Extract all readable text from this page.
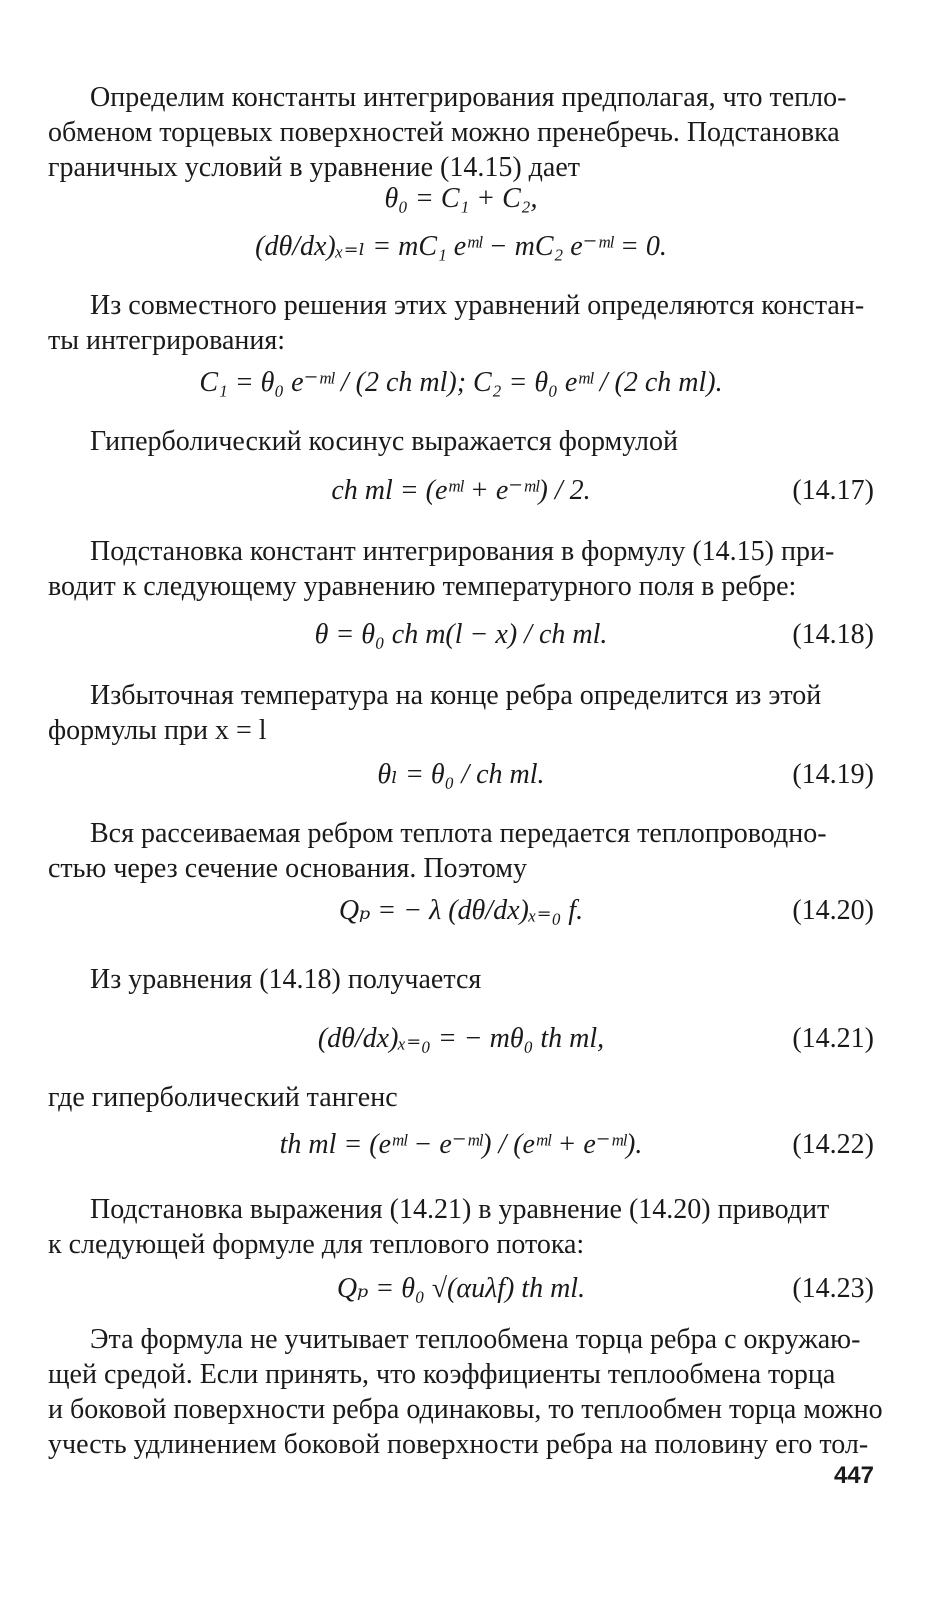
Определим константы интегрирования предполагая, что тепло-
обменом торцевых поверхностей можно пренебречь. Подстановка
граничных условий в уравнение (14.15) дает
θ₀ = C₁ + C₂,
(dθ/dx)ₓ₌ₗ = mC₁ eᵐˡ − mC₂ e⁻ᵐˡ = 0.
Из совместного решения этих уравнений определяются констан-
ты интегрирования:
C₁ = θ₀ e⁻ᵐˡ / (2 ch ml); C₂ = θ₀ eᵐˡ / (2 ch ml).
Гиперболический косинус выражается формулой
ch ml = (eᵐˡ + e⁻ᵐˡ) / 2.	(14.17)
Подстановка констант интегрирования в формулу (14.15) при-
водит к следующему уравнению температурного поля в ребре:
θ = θ₀ ch m(l − x) / ch ml.	(14.18)
Избыточная температура на конце ребра определится из этой
формулы при x = l
θₗ = θ₀ / ch ml.	(14.19)
Вся рассеиваемая ребром теплота передается теплопроводно-
стью через сечение основания. Поэтому
Qₚ = − λ (dθ/dx)ₓ₌₀ f.	(14.20)
Из уравнения (14.18) получается
(dθ/dx)ₓ₌₀ = − mθ₀ th ml,	(14.21)
где гиперболический тангенс
th ml = (eᵐˡ − e⁻ᵐˡ) / (eᵐˡ + e⁻ᵐˡ).	(14.22)
Подстановка выражения (14.21) в уравнение (14.20) приводит
к следующей формуле для теплового потока:
Qₚ = θ₀ √(αuλf) th ml.	(14.23)
Эта формула не учитывает теплообмена торца ребра с окружаю-
щей средой. Если принять, что коэффициенты теплообмена торца
и боковой поверхности ребра одинаковы, то теплообмен торца можно
учесть удлинением боковой поверхности ребра на половину его тол-
447
